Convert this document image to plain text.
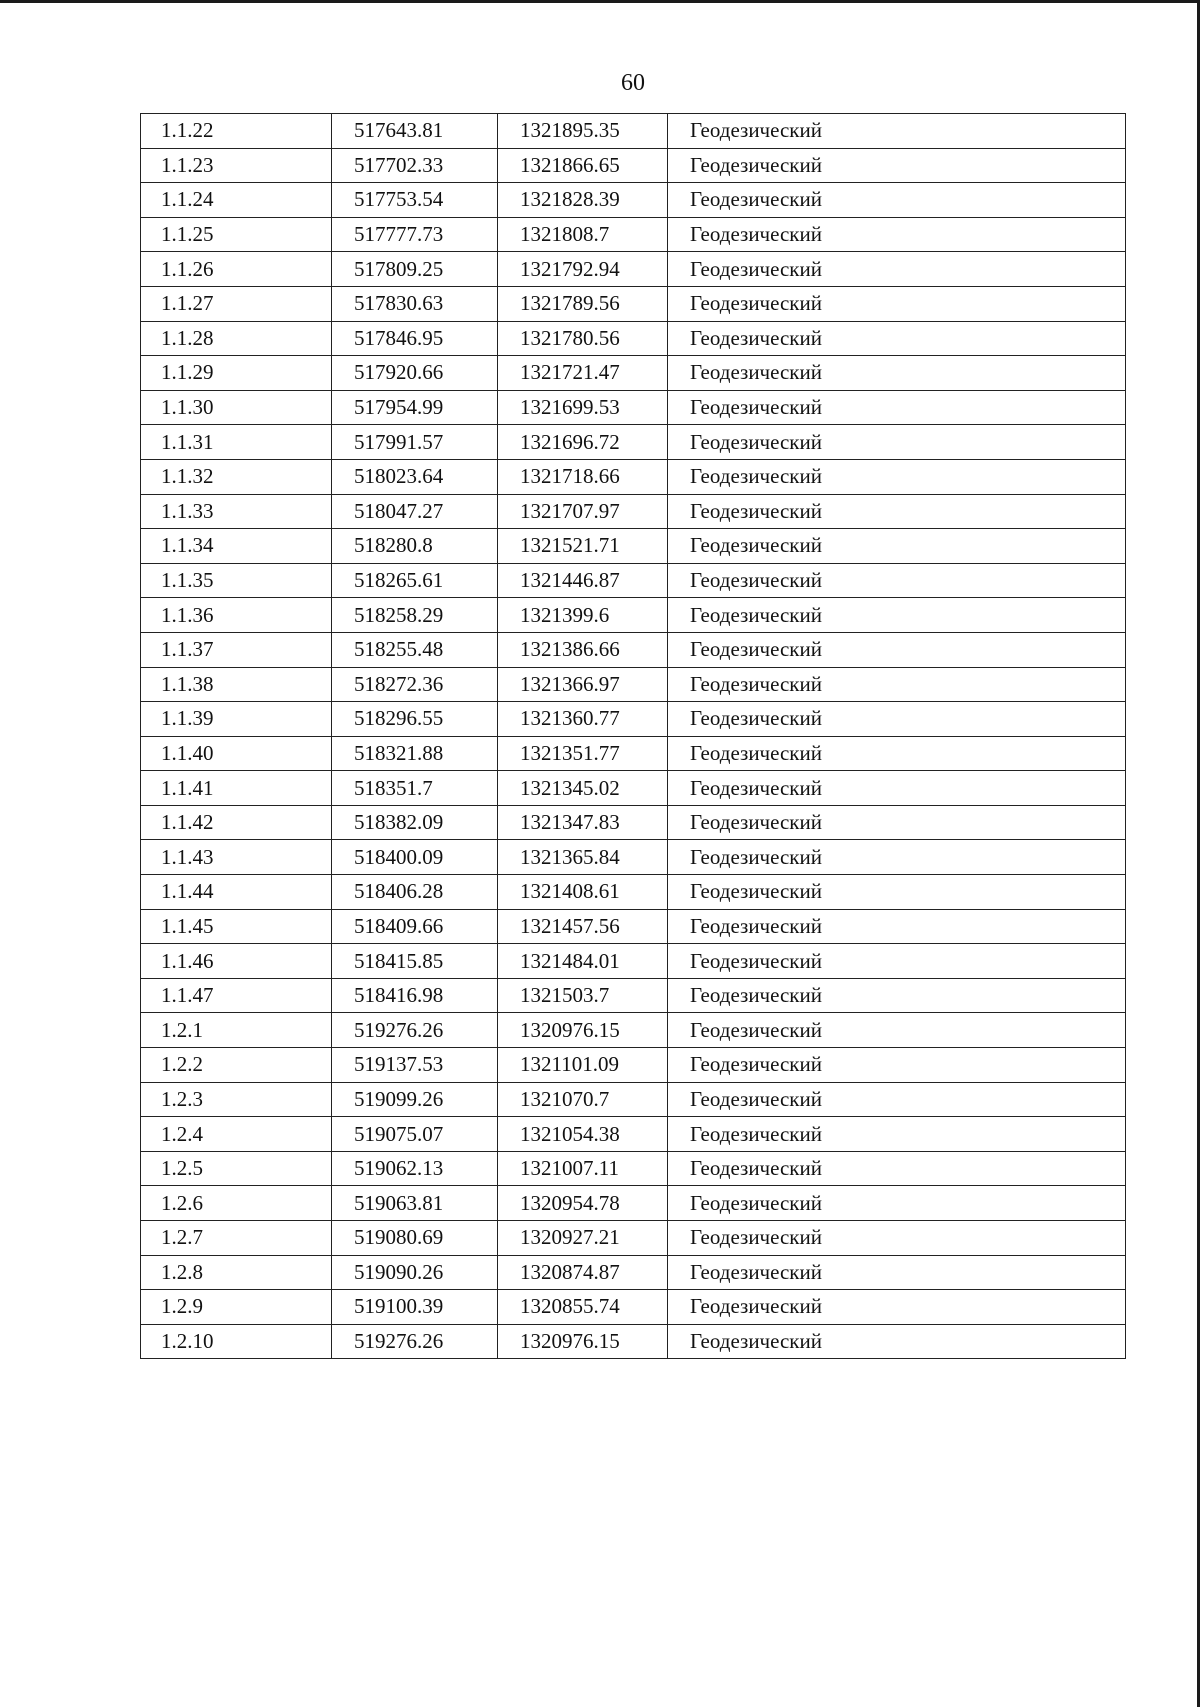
60
1.1.22	517643.81	1321895.35	Геодезический
1.1.23	517702.33	1321866.65	Геодезический
1.1.24	517753.54	1321828.39	Геодезический
1.1.25	517777.73	1321808.7	Геодезический
1.1.26	517809.25	1321792.94	Геодезический
1.1.27	517830.63	1321789.56	Геодезический
1.1.28	517846.95	1321780.56	Геодезический
1.1.29	517920.66	1321721.47	Геодезический
1.1.30	517954.99	1321699.53	Геодезический
1.1.31	517991.57	1321696.72	Геодезический
1.1.32	518023.64	1321718.66	Геодезический
1.1.33	518047.27	1321707.97	Геодезический
1.1.34	518280.8	1321521.71	Геодезический
1.1.35	518265.61	1321446.87	Геодезический
1.1.36	518258.29	1321399.6	Геодезический
1.1.37	518255.48	1321386.66	Геодезический
1.1.38	518272.36	1321366.97	Геодезический
1.1.39	518296.55	1321360.77	Геодезический
1.1.40	518321.88	1321351.77	Геодезический
1.1.41	518351.7	1321345.02	Геодезический
1.1.42	518382.09	1321347.83	Геодезический
1.1.43	518400.09	1321365.84	Геодезический
1.1.44	518406.28	1321408.61	Геодезический
1.1.45	518409.66	1321457.56	Геодезический
1.1.46	518415.85	1321484.01	Геодезический
1.1.47	518416.98	1321503.7	Геодезический
1.2.1	519276.26	1320976.15	Геодезический
1.2.2	519137.53	1321101.09	Геодезический
1.2.3	519099.26	1321070.7	Геодезический
1.2.4	519075.07	1321054.38	Геодезический
1.2.5	519062.13	1321007.11	Геодезический
1.2.6	519063.81	1320954.78	Геодезический
1.2.7	519080.69	1320927.21	Геодезический
1.2.8	519090.26	1320874.87	Геодезический
1.2.9	519100.39	1320855.74	Геодезический
1.2.10	519276.26	1320976.15	Геодезический
